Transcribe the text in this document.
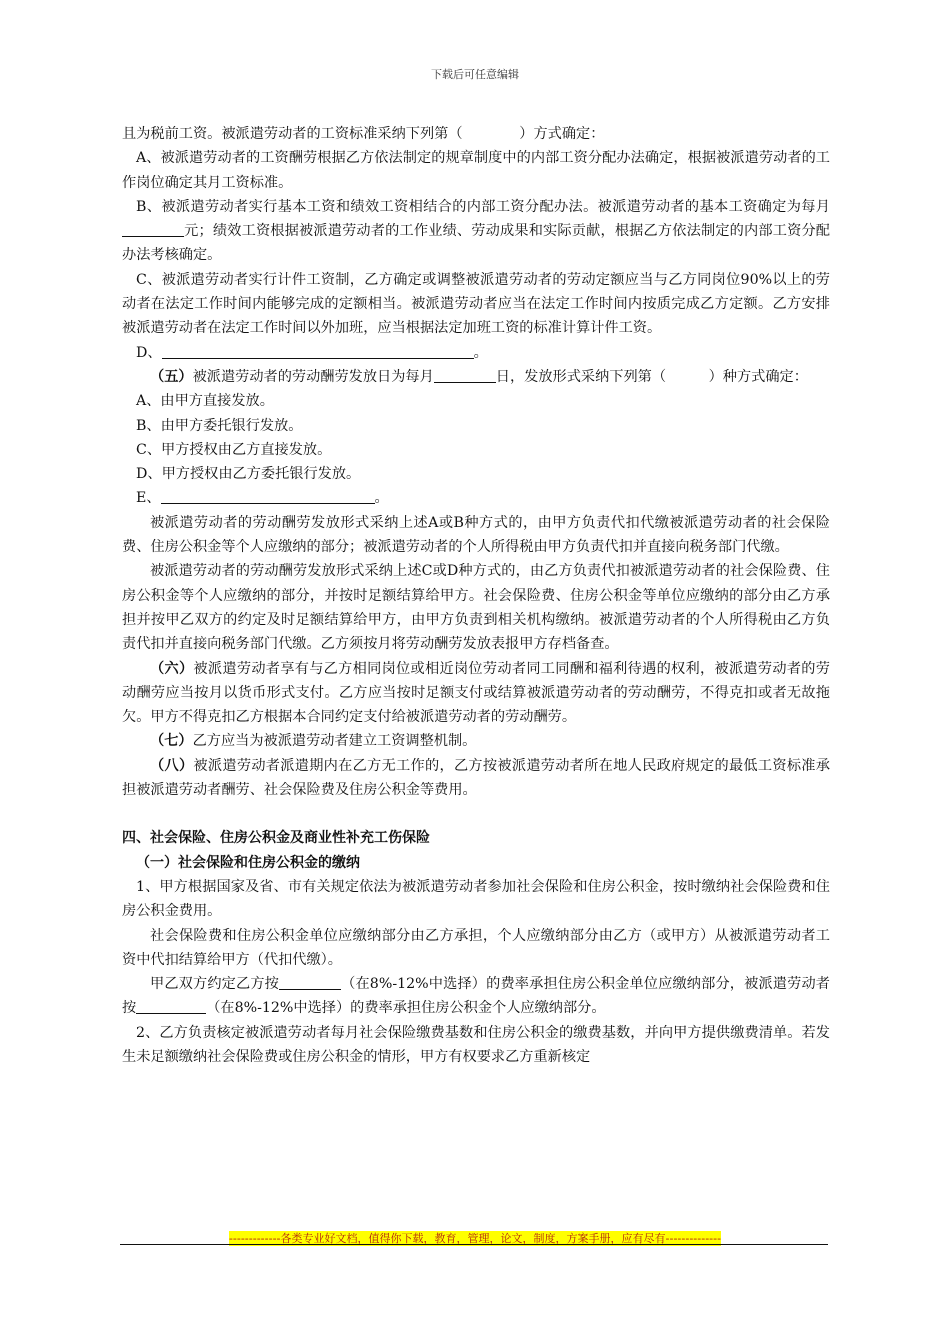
下载后可任意编辑

且为税前工资。被派遣劳动者的工资标准采纳下列第（　　　　）方式确定：

A、被派遣劳动者的工资酬劳根据乙方依法制定的规章制度中的内部工资分配办法确定，根据被派遣劳动者的工作岗位确定其月工资标准。

B、被派遣劳动者实行基本工资和绩效工资相结合的内部工资分配办法。被派遣劳动者的基本工资确定为每月元；绩效工资根据被派遣劳动者的工作业绩、劳动成果和实际贡献，根据乙方依法制定的内部工资分配办法考核确定。

C、被派遣劳动者实行计件工资制，乙方确定或调整被派遣劳动者的劳动定额应当与乙方同岗位90%以上的劳动者在法定工作时间内能够完成的定额相当。被派遣劳动者应当在法定工作时间内按质完成乙方定额。乙方安排被派遣劳动者在法定工作时间以外加班，应当根据法定加班工资的标准计算计件工资。

D、	。

（五）被派遣劳动者的劳动酬劳发放日为每月	日，发放形式采纳下列第（　　　）种方式确定：

A、由甲方直接发放。

B、由甲方委托银行发放。

C、甲方授权由乙方直接发放。

D、甲方授权由乙方委托银行发放。

E、	。

被派遣劳动者的劳动酬劳发放形式采纳上述A或B种方式的，由甲方负责代扣代缴被派遣劳动者的社会保险费、住房公积金等个人应缴纳的部分；被派遣劳动者的个人所得税由甲方负责代扣并直接向税务部门代缴。

被派遣劳动者的劳动酬劳发放形式采纳上述C或D种方式的，由乙方负责代扣被派遣劳动者的社会保险费、住房公积金等个人应缴纳的部分，并按时足额结算给甲方。社会保险费、住房公积金等单位应缴纳的部分由乙方承担并按甲乙双方的约定及时足额结算给甲方，由甲方负责到相关机构缴纳。被派遣劳动者的个人所得税由乙方负责代扣并直接向税务部门代缴。乙方须按月将劳动酬劳发放表报甲方存档备查。

（六）被派遣劳动者享有与乙方相同岗位或相近岗位劳动者同工同酬和福利待遇的权利，被派遣劳动者的劳动酬劳应当按月以货币形式支付。乙方应当按时足额支付或结算被派遣劳动者的劳动酬劳，不得克扣或者无故拖欠。甲方不得克扣乙方根据本合同约定支付给被派遣劳动者的劳动酬劳。

（七）乙方应当为被派遣劳动者建立工资调整机制。

（八）被派遣劳动者派遣期内在乙方无工作的，乙方按被派遣劳动者所在地人民政府规定的最低工资标准承担被派遣劳动者酬劳、社会保险费及住房公积金等费用。

四、社会保险、住房公积金及商业性补充工伤保险

（一）社会保险和住房公积金的缴纳

1、甲方根据国家及省、市有关规定依法为被派遣劳动者参加社会保险和住房公积金，按时缴纳社会保险费和住房公积金费用。

社会保险费和住房公积金单位应缴纳部分由乙方承担，个人应缴纳部分由乙方（或甲方）从被派遣劳动者工资中代扣结算给甲方（代扣代缴）。

甲乙双方约定乙方按	（在8%-12%中选择）的费率承担住房公积金单位应缴纳部分，被派遣劳动者按	（在8%-12%中选择）的费率承担住房公积金个人应缴纳部分。

2、乙方负责核定被派遣劳动者每月社会保险缴费基数和住房公积金的缴费基数，并向甲方提供缴费清单。若发生未足额缴纳社会保险费或住房公积金的情形，甲方有权要求乙方重新核定

-------------各类专业好文档，值得你下载，教育，管理，论文，制度，方案手册，应有尽有--------------
